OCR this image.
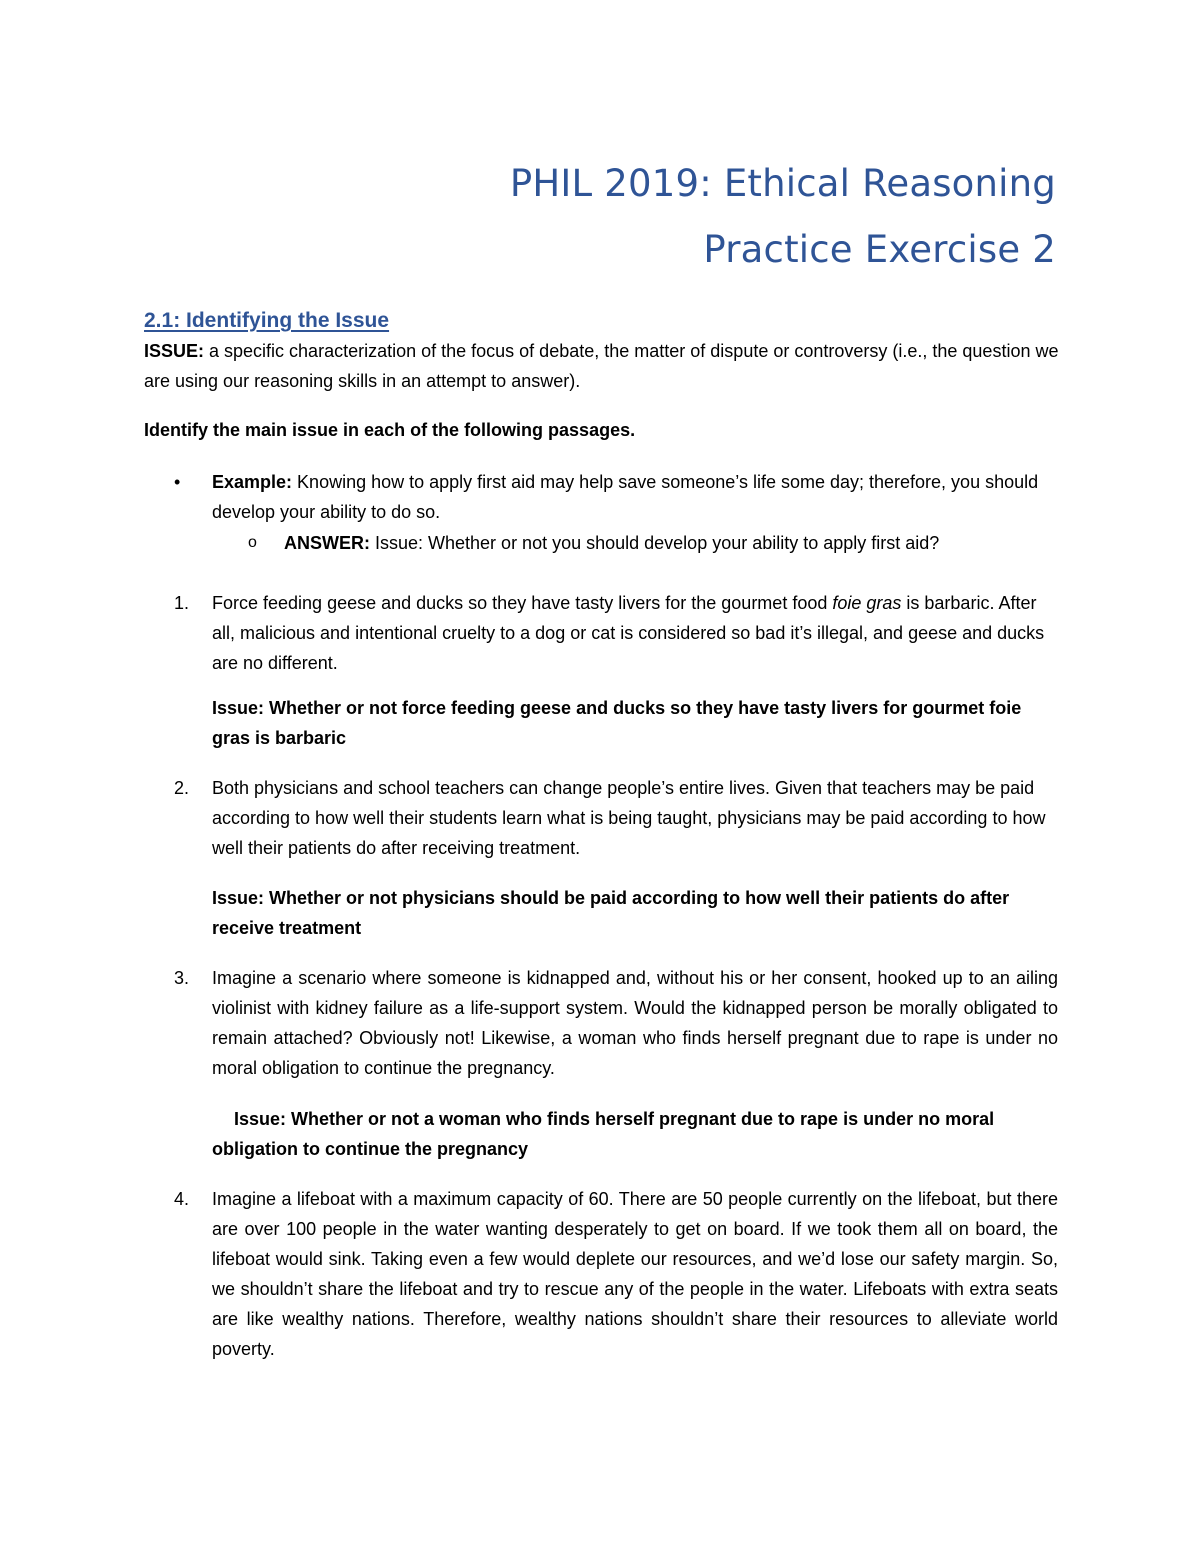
PHIL 2019: Ethical Reasoning
Practice Exercise 2
2.1: Identifying the Issue
ISSUE: a specific characterization of the focus of debate, the matter of dispute or controversy (i.e., the question we are using our reasoning skills in an attempt to answer).
Identify the main issue in each of the following passages.
• Example: Knowing how to apply first aid may help save someone’s life some day; therefore, you should develop your ability to do so.
o ANSWER: Issue: Whether or not you should develop your ability to apply first aid?
1. Force feeding geese and ducks so they have tasty livers for the gourmet food foie gras is barbaric. After all, malicious and intentional cruelty to a dog or cat is considered so bad it’s illegal, and geese and ducks are no different.
Issue: Whether or not force feeding geese and ducks so they have tasty livers for gourmet foie gras is barbaric
2. Both physicians and school teachers can change people’s entire lives. Given that teachers may be paid according to how well their students learn what is being taught, physicians may be paid according to how well their patients do after receiving treatment.
Issue: Whether or not physicians should be paid according to how well their patients do after receive treatment
3. Imagine a scenario where someone is kidnapped and, without his or her consent, hooked up to an ailing violinist with kidney failure as a life-support system. Would the kidnapped person be morally obligated to remain attached? Obviously not! Likewise, a woman who finds herself pregnant due to rape is under no moral obligation to continue the pregnancy.
Issue: Whether or not a woman who finds herself pregnant due to rape is under no moral obligation to continue the pregnancy
4. Imagine a lifeboat with a maximum capacity of 60. There are 50 people currently on the lifeboat, but there are over 100 people in the water wanting desperately to get on board. If we took them all on board, the lifeboat would sink. Taking even a few would deplete our resources, and we’d lose our safety margin. So, we shouldn’t share the lifeboat and try to rescue any of the people in the water. Lifeboats with extra seats are like wealthy nations. Therefore, wealthy nations shouldn’t share their resources to alleviate world poverty.
